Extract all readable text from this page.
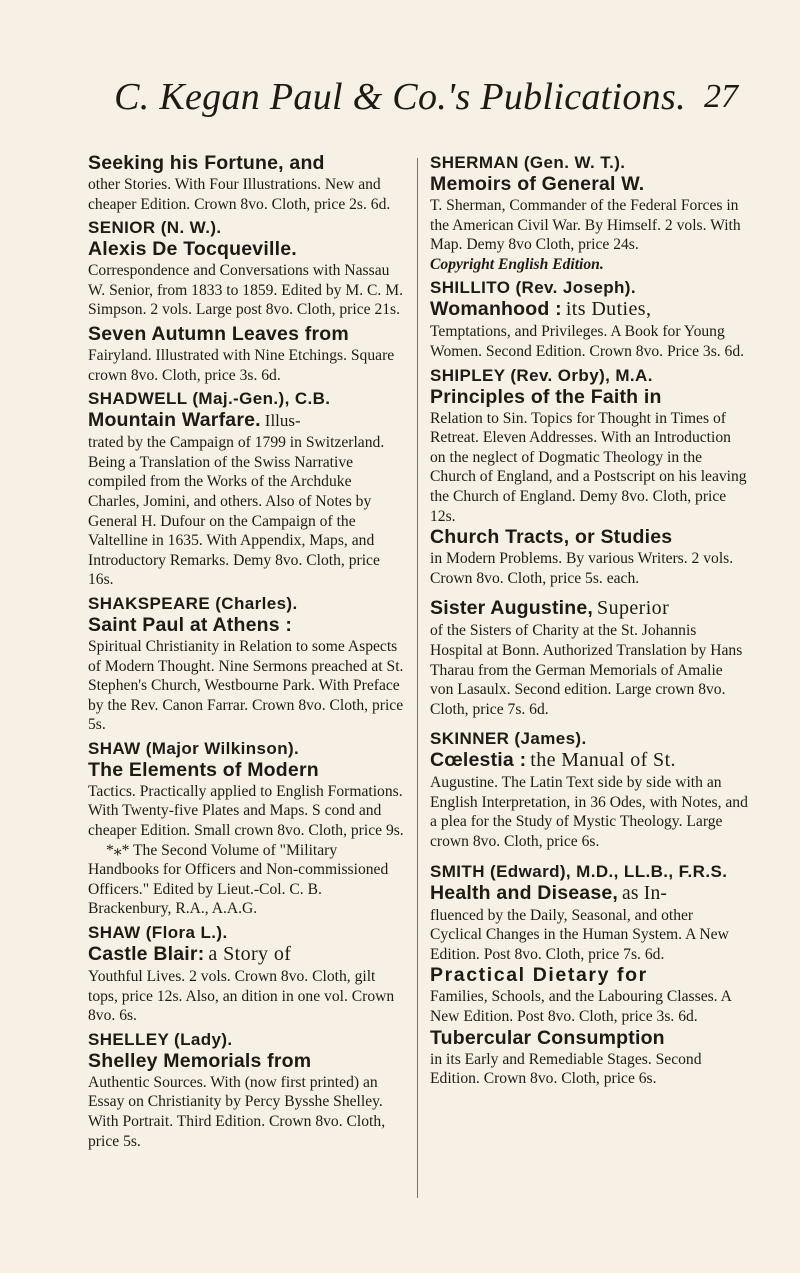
C. Kegan Paul & Co.'s Publications. 27
Seeking his Fortune, and
other Stories. With Four Illustrations. New and cheaper Edition. Crown 8vo. Cloth, price 2s. 6d.
SENIOR (N. W.).
Alexis De Tocqueville.
Correspondence and Conversations with Nassau W. Senior, from 1833 to 1859. Edited by M. C. M. Simpson. 2 vols. Large post 8vo. Cloth, price 21s.
Seven Autumn Leaves from
Fairyland. Illustrated with Nine Etchings. Square crown 8vo. Cloth, price 3s. 6d.
SHADWELL (Maj.-Gen.), C.B.
Mountain Warfare. Illus-
trated by the Campaign of 1799 in Switzerland. Being a Translation of the Swiss Narrative compiled from the Works of the Archduke Charles, Jomini, and others. Also of Notes by General H. Dufour on the Campaign of the Valtelline in 1635. With Appendix, Maps, and Introductory Remarks. Demy 8vo. Cloth, price 16s.
SHAKSPEARE (Charles).
Saint Paul at Athens :
Spiritual Christianity in Relation to some Aspects of Modern Thought. Nine Sermons preached at St. Stephen's Church, Westbourne Park. With Preface by the Rev. Canon Farrar. Crown 8vo. Cloth, price 5s.
SHAW (Major Wilkinson).
The Elements of Modern
Tactics. Practically applied to English Formations. With Twenty-five Plates and Maps. S cond and cheaper Edition. Small crown 8vo. Cloth, price 9s.
*⁎* The Second Volume of "Military Handbooks for Officers and Non-commissioned Officers." Edited by Lieut.-Col. C. B. Brackenbury, R.A., A.A.G.
SHAW (Flora L.).
Castle Blair: a Story of
Youthful Lives. 2 vols. Crown 8vo. Cloth, gilt tops, price 12s. Also, an dition in one vol. Crown 8vo. 6s.
SHELLEY (Lady).
Shelley Memorials from
Authentic Sources. With (now first printed) an Essay on Christianity by Percy Bysshe Shelley. With Portrait. Third Edition. Crown 8vo. Cloth, price 5s.
SHERMAN (Gen. W. T.).
Memoirs of General W.
T. Sherman, Commander of the Federal Forces in the American Civil War. By Himself. 2 vols. With Map. Demy 8vo Cloth, price 24s.
Copyright English Edition.
SHILLITO (Rev. Joseph).
Womanhood : its Duties,
Temptations, and Privileges. A Book for Young Women. Second Edition. Crown 8vo. Price 3s. 6d.
SHIPLEY (Rev. Orby), M.A.
Principles of the Faith in
Relation to Sin. Topics for Thought in Times of Retreat. Eleven Addresses. With an Introduction on the neglect of Dogmatic Theology in the Church of England, and a Postscript on his leaving the Church of England. Demy 8vo. Cloth, price 12s.
Church Tracts, or Studies
in Modern Problems. By various Writers. 2 vols. Crown 8vo. Cloth, price 5s. each.
Sister Augustine, Superior
of the Sisters of Charity at the St. Johannis Hospital at Bonn. Authorized Translation by Hans Tharau from the German Memorials of Amalie von Lasaulx. Second edition. Large crown 8vo. Cloth, price 7s. 6d.
SKINNER (James).
Cœlestia : the Manual of St.
Augustine. The Latin Text side by side with an English Interpretation, in 36 Odes, with Notes, and a plea for the Study of Mystic Theology. Large crown 8vo. Cloth, price 6s.
SMITH (Edward), M.D., LL.B., F.R.S.
Health and Disease, as In-
fluenced by the Daily, Seasonal, and other Cyclical Changes in the Human System. A New Edition. Post 8vo. Cloth, price 7s. 6d.
Practical Dietary for
Families, Schools, and the Labouring Classes. A New Edition. Post 8vo. Cloth, price 3s. 6d.
Tubercular Consumption
in its Early and Remediable Stages. Second Edition. Crown 8vo. Cloth, price 6s.
